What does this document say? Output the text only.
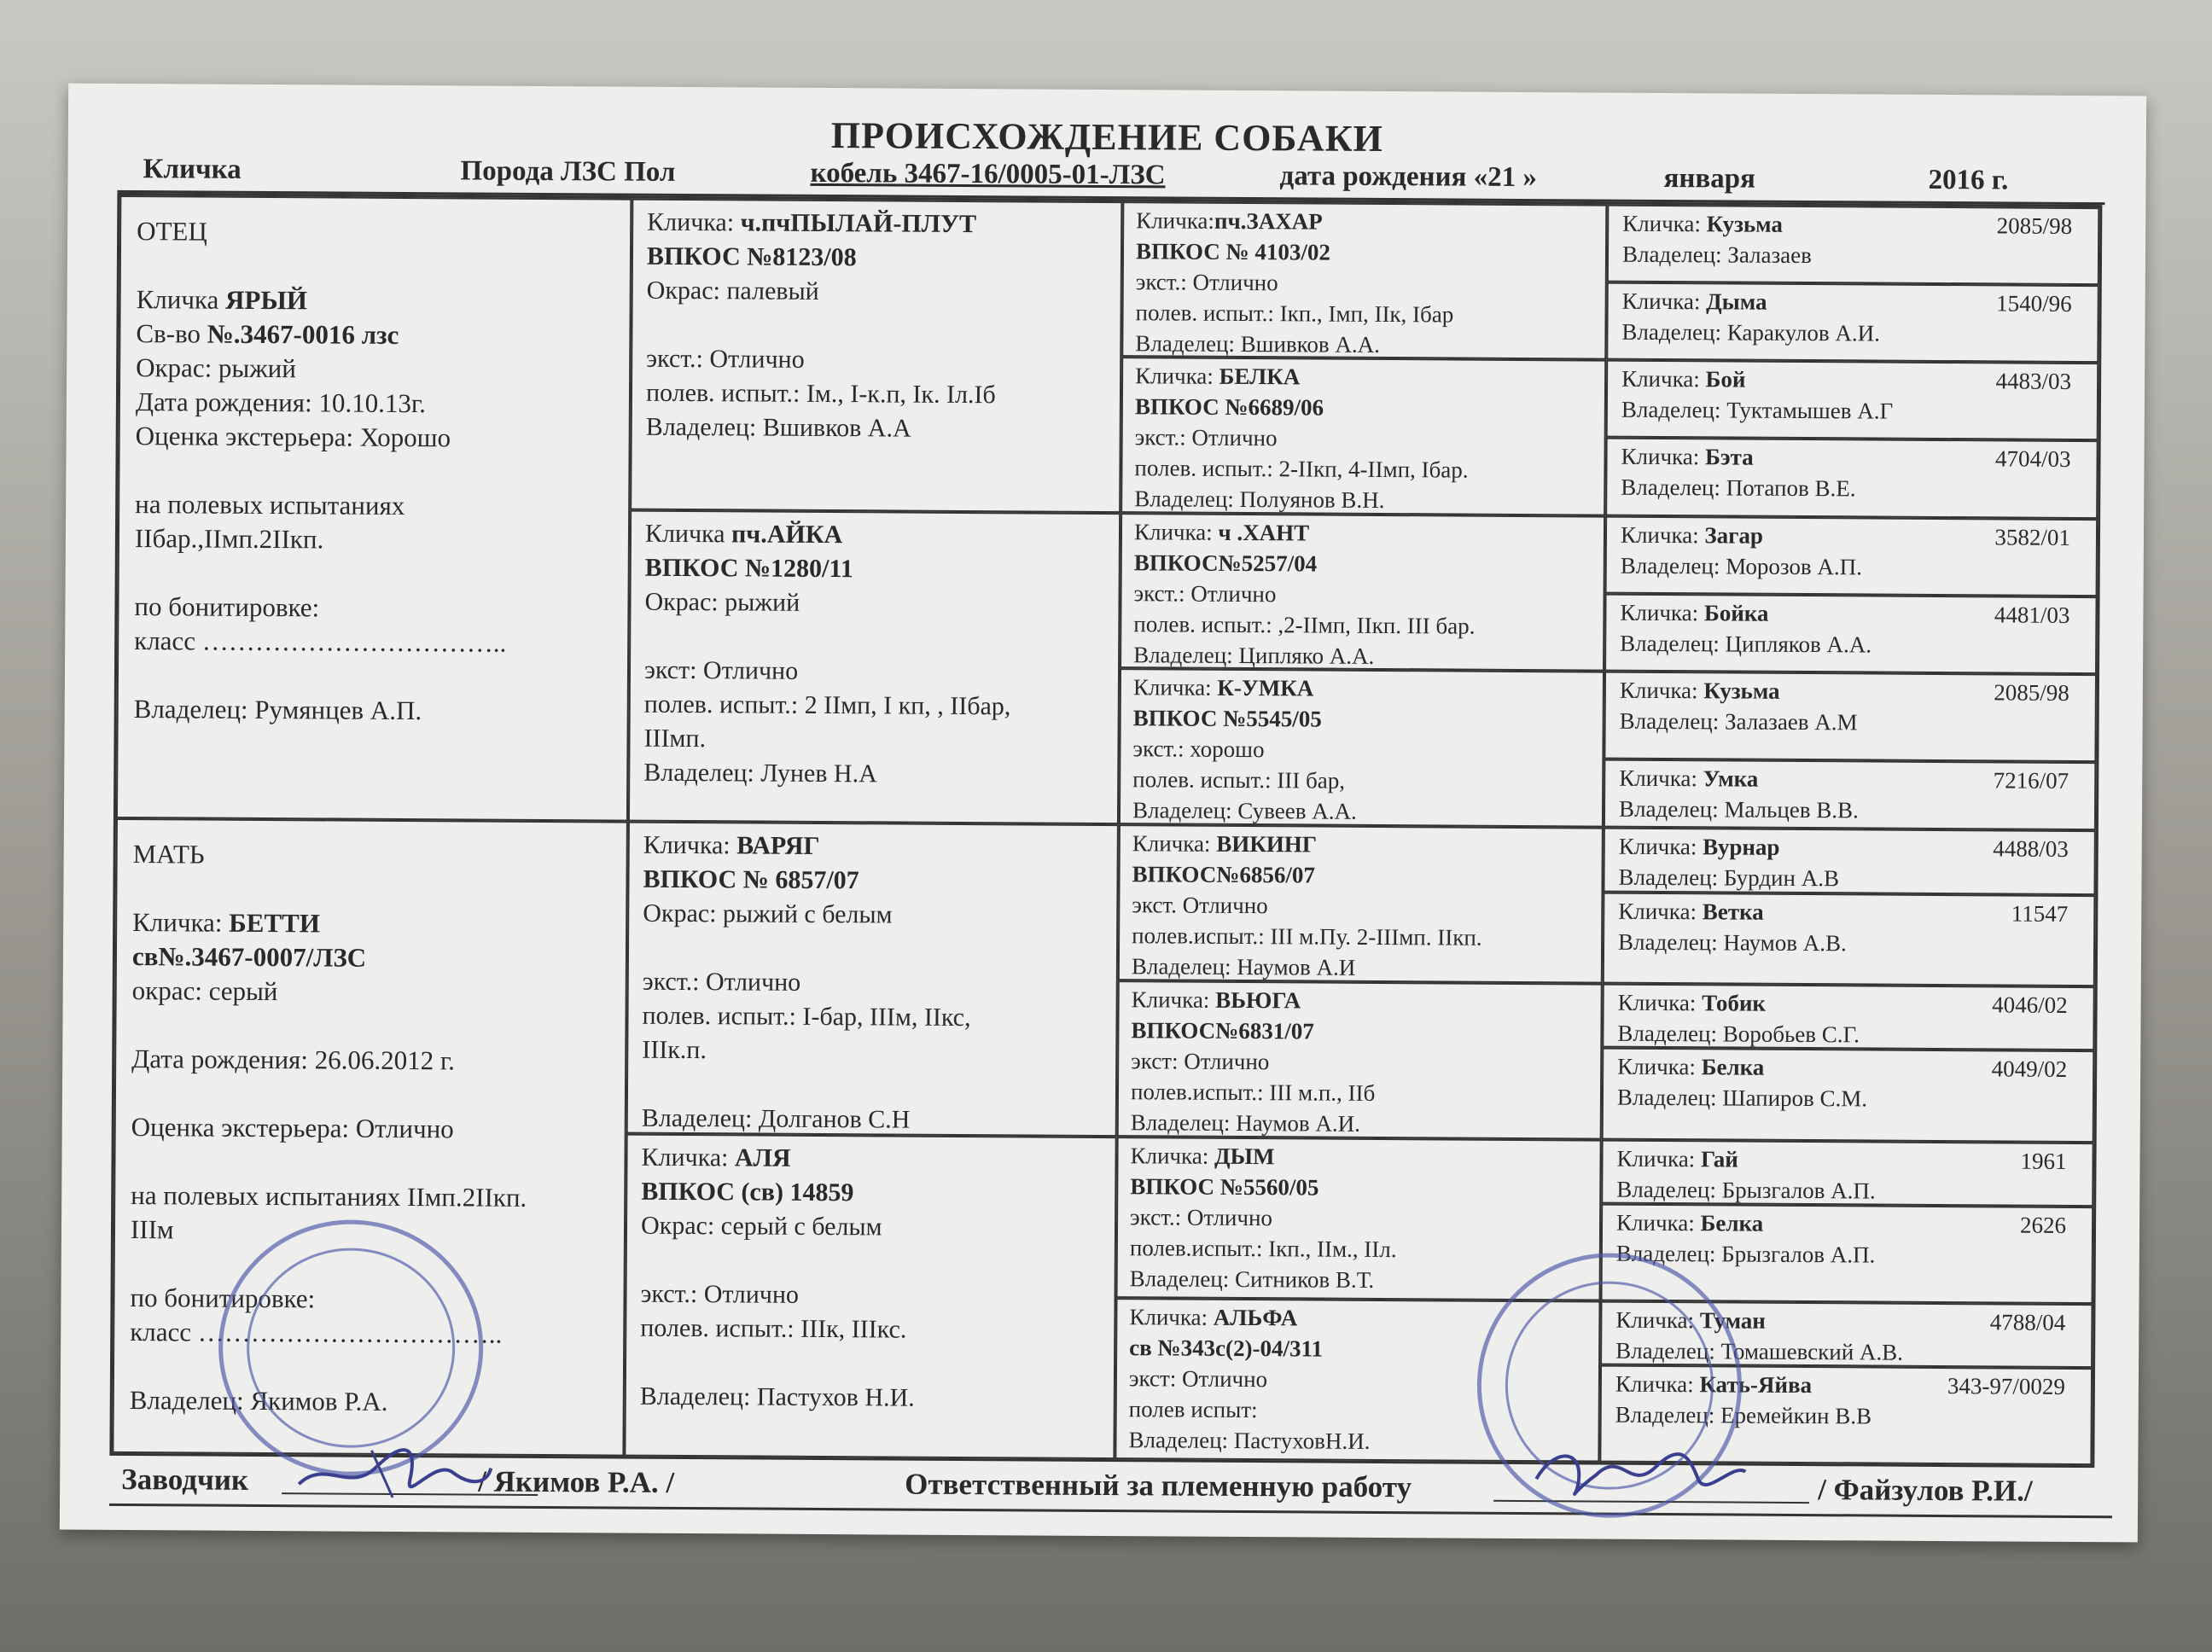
ПРОИСХОЖДЕНИЕ СОБАКИ
Кличка	Порода ЛЗС Пол	кобель 3467-16/0005-01-ЛЗС	дата рождения «21 »	января	2016 г.
ОТЕЦ
Кличка ЯРЫЙ
Св-во №.3467-0016 лзс
Окрас: рыжий
Дата рождения: 10.10.13г.
Оценка экстерьера: Хорошо
на полевых испытаниях
IIбар.,IIмп.2IIкп.
по бонитировке:
класс ……………………………..
Владелец: Румянцев А.П.
МАТЬ
Кличка: БЕТТИ
св№.3467-0007/ЛЗС
окрас: серый
Дата рождения: 26.06.2012 г.
Оценка экстерьера: Отлично
на полевых испытаниях IIмп.2IIкп.
IIIм
по бонитировке:
класс ……………………………..
Владелец: Якимов Р.А.
Кличка: ч.пчПЫЛАЙ-ПЛУТ
ВПКОС №8123/08
Окрас: палевый
экст.: Отлично
полев. испыт.: Iм., I-к.п, Iк. Iл.Iб
Владелец: Вшивков А.А
Кличка пч.АЙКА
ВПКОС №1280/11
Окрас: рыжий
экст: Отлично
полев. испыт.: 2 IIмп, I кп, , IIбар,
IIIмп.
Владелец: Лунев Н.А
Кличка: ВАРЯГ
ВПКОС № 6857/07
Окрас: рыжий с белым
экст.: Отлично
полев. испыт.: I-бар, IIIм, IIкс,
IIIк.п.
Владелец: Долганов С.Н
Кличка: АЛЯ
ВПКОС (св) 14859
Окрас: серый с белым
экст.: Отлично
полев. испыт.: IIIк, IIIкс.
Владелец: Пастухов Н.И.
Кличка:пч.ЗАХАР
ВПКОС № 4103/02
экст.: Отлично
полев. испыт.: Iкп., Iмп, IIк, Iбар
Владелец: Вшивков А.А.
Кличка: БЕЛКА
ВПКОС №6689/06
экст.: Отлично
полев. испыт.: 2-IIкп, 4-IIмп, Iбар.
Владелец: Полуянов В.Н.
Кличка: ч .ХАНТ
ВПКОС№5257/04
экст.: Отлично
полев. испыт.: ,2-IIмп, IIкп. III бар.
Владелец: Ципляко А.А.
Кличка: К-УМКА
ВПКОС №5545/05
экст.: хорошо
полев. испыт.: III бар,
Владелец: Сувеев А.А.
Кличка: ВИКИНГ
ВПКОС№6856/07
экст. Отлично
полев.испыт.: III м.Пу. 2-IIIмп. IIкп.
Владелец: Наумов А.И
Кличка: ВЬЮГА
ВПКОС№6831/07
экст: Отлично
полев.испыт.: III м.п., IIб
Владелец: Наумов А.И.
Кличка: ДЫМ
ВПКОС №5560/05
экст.: Отлично
полев.испыт.: Iкп., IIм., IIл.
Владелец: Ситников В.Т.
Кличка: АЛЬФА
св №343с(2)-04/311
экст: Отлично
полев испыт:
Владелец: ПастуховН.И.
Кличка: Кузьма	2085/98
Владелец: Залазаев
Кличка: Дыма	1540/96
Владелец: Каракулов А.И.
Кличка: Бой	4483/03
Владелец: Туктамышев А.Г
Кличка: Бэта	4704/03
Владелец: Потапов В.Е.
Кличка: Загар	3582/01
Владелец: Морозов А.П.
Кличка: Бойка	4481/03
Владелец: Ципляков А.А.
Кличка: Кузьма	2085/98
Владелец: Залазаев А.М
Кличка: Умка	7216/07
Владелец: Мальцев В.В.
Кличка: Вурнар	4488/03
Владелец: Бурдин А.В
Кличка: Ветка	11547
Владелец: Наумов А.В.
Кличка: Тобик	4046/02
Владелец: Воробьев С.Г.
Кличка: Белка	4049/02
Владелец: Шапиров С.М.
Кличка: Гай	1961
Владелец: Брызгалов А.П.
Кличка: Белка	2626
Владелец: Брызгалов А.П.
Кличка: Туман	4788/04
Владелец: Томашевский А.В.
Кличка: Кать-Яйва	343-97/0029
Владелец: Еремейкин В.В
Заводчик	/ Якимов Р.А. /	Ответственный за племенную работу	/ Файзулов Р.И./
